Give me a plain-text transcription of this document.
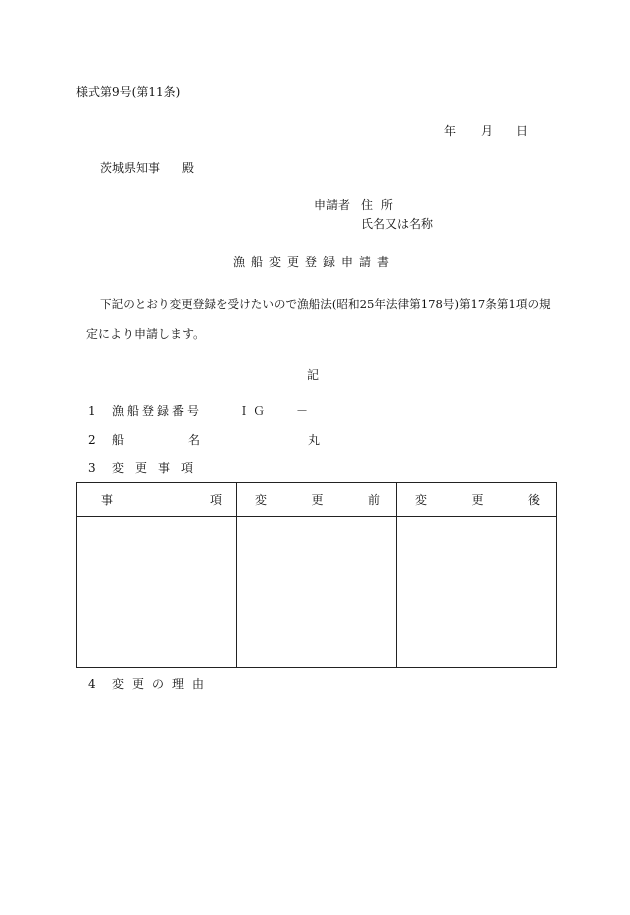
様式第9号(第11条)
年 月 日
茨城県知事 殿
申請者 住 所
氏名又は名称
漁船変更登録申請書
下記のとおり変更登録を受けたいので漁船法(昭和25年法律第178号)第17条第1項の規
定により申請します。
記
1 漁船登録番号	ＩＧ －
2 船	名	丸
3 変更事項
事 項	変 更 前	変 更 後

4 変更の理由
